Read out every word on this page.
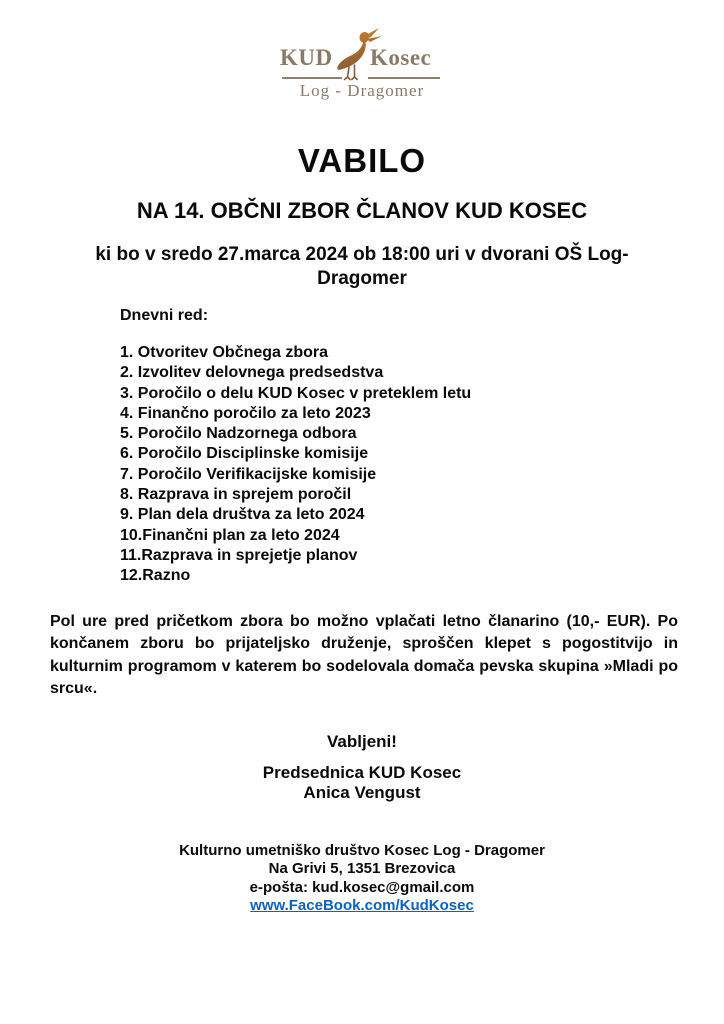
KUD Kosec
Log - Dragomer
VABILO
NA 14. OBČNI ZBOR ČLANOV KUD KOSEC
ki bo v sredo 27.marca 2024 ob 18:00 uri v dvorani OŠ Log-
Dragomer
Dnevni red:
1. Otvoritev Občnega zbora
2. Izvolitev delovnega predsedstva
3. Poročilo o delu KUD Kosec v preteklem letu
4. Finančno poročilo za leto 2023
5. Poročilo Nadzornega odbora
6. Poročilo Disciplinske komisije
7. Poročilo Verifikacijske komisije
8. Razprava in sprejem poročil
9. Plan dela društva za leto 2024
10.Finančni plan za leto 2024
11.Razprava in sprejetje planov
12.Razno
Pol ure pred pričetkom zbora bo možno vplačati letno članarino (10,- EUR). Po končanem zboru bo prijateljsko druženje, sproščen klepet s pogostitvijo in kulturnim programom v katerem bo sodelovala domača pevska skupina »Mladi po srcu«.
Vabljeni!
Predsednica KUD Kosec
Anica Vengust
Kulturno umetniško društvo Kosec Log - Dragomer
Na Grivi 5, 1351 Brezovica
e-pošta: kud.kosec@gmail.com
www.FaceBook.com/KudKosec
